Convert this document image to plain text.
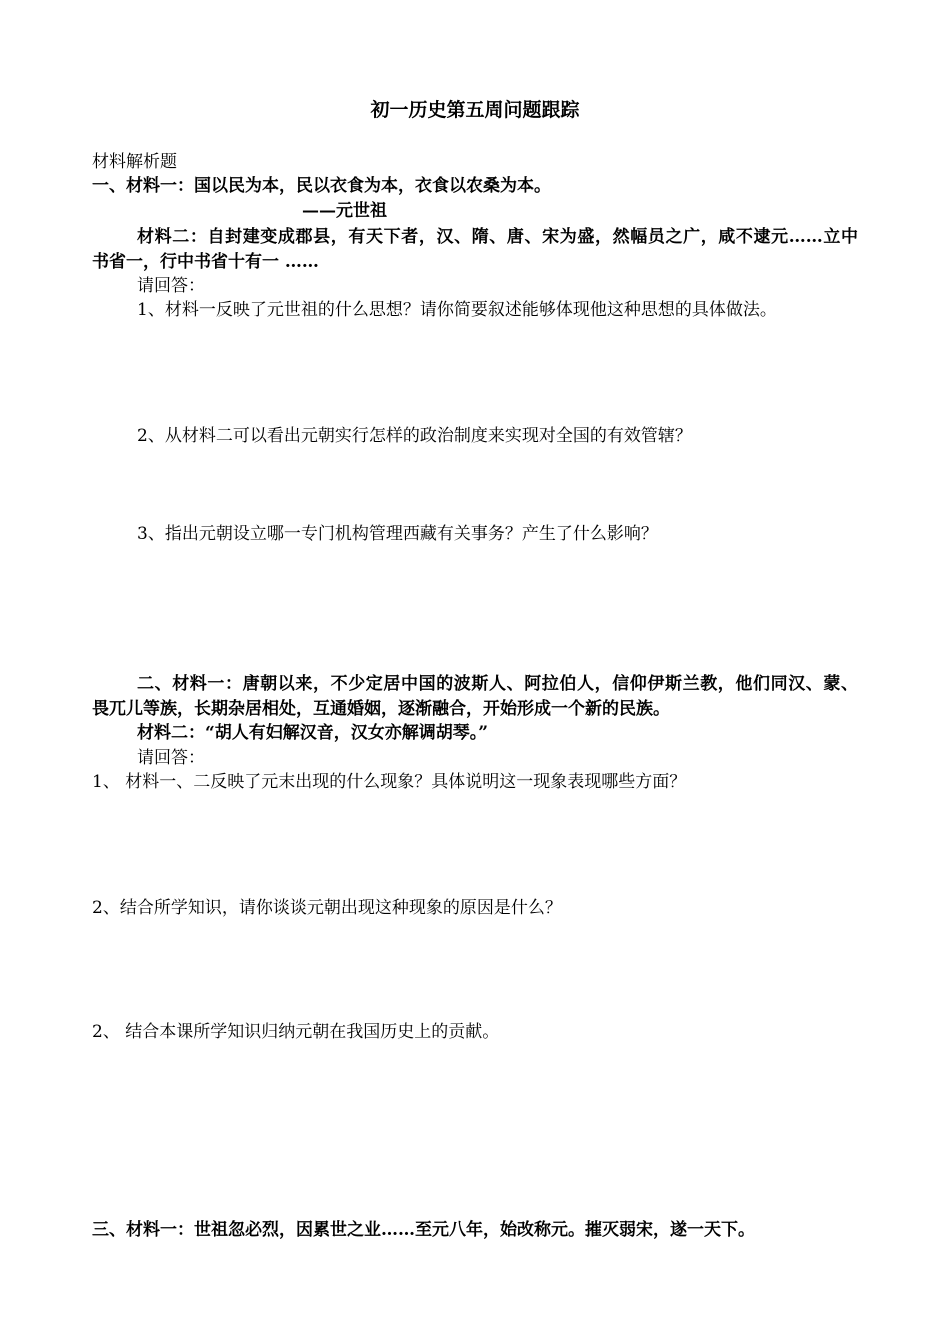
初一历史第五周问题跟踪
材料解析题
一、材料一：国以民为本，民以衣食为本，衣食以农桑为本。
——元世祖
材料二：自封建变成郡县，有天下者，汉、隋、唐、宋为盛，然幅员之广，咸不逮元……立中
书省一，行中书省十有一 ……
请回答：
1、材料一反映了元世祖的什么思想？请你简要叙述能够体现他这种思想的具体做法。
2、从材料二可以看出元朝实行怎样的政治制度来实现对全国的有效管辖？
3、指出元朝设立哪一专门机构管理西藏有关事务？产生了什么影响？
二、材料一：唐朝以来，不少定居中国的波斯人、阿拉伯人，信仰伊斯兰教，他们同汉、蒙、
畏兀儿等族，长期杂居相处，互通婚姻，逐渐融合，开始形成一个新的民族。
材料二：“胡人有妇解汉音，汉女亦解调胡琴。”
请回答：
1、 材料一、二反映了元末出现的什么现象？具体说明这一现象表现哪些方面？
2、结合所学知识，请你谈谈元朝出现这种现象的原因是什么？
2、 结合本课所学知识归纳元朝在我国历史上的贡献。
三、材料一：世祖忽必烈，因累世之业……至元八年，始改称元。摧灭弱宋，遂一天下。
